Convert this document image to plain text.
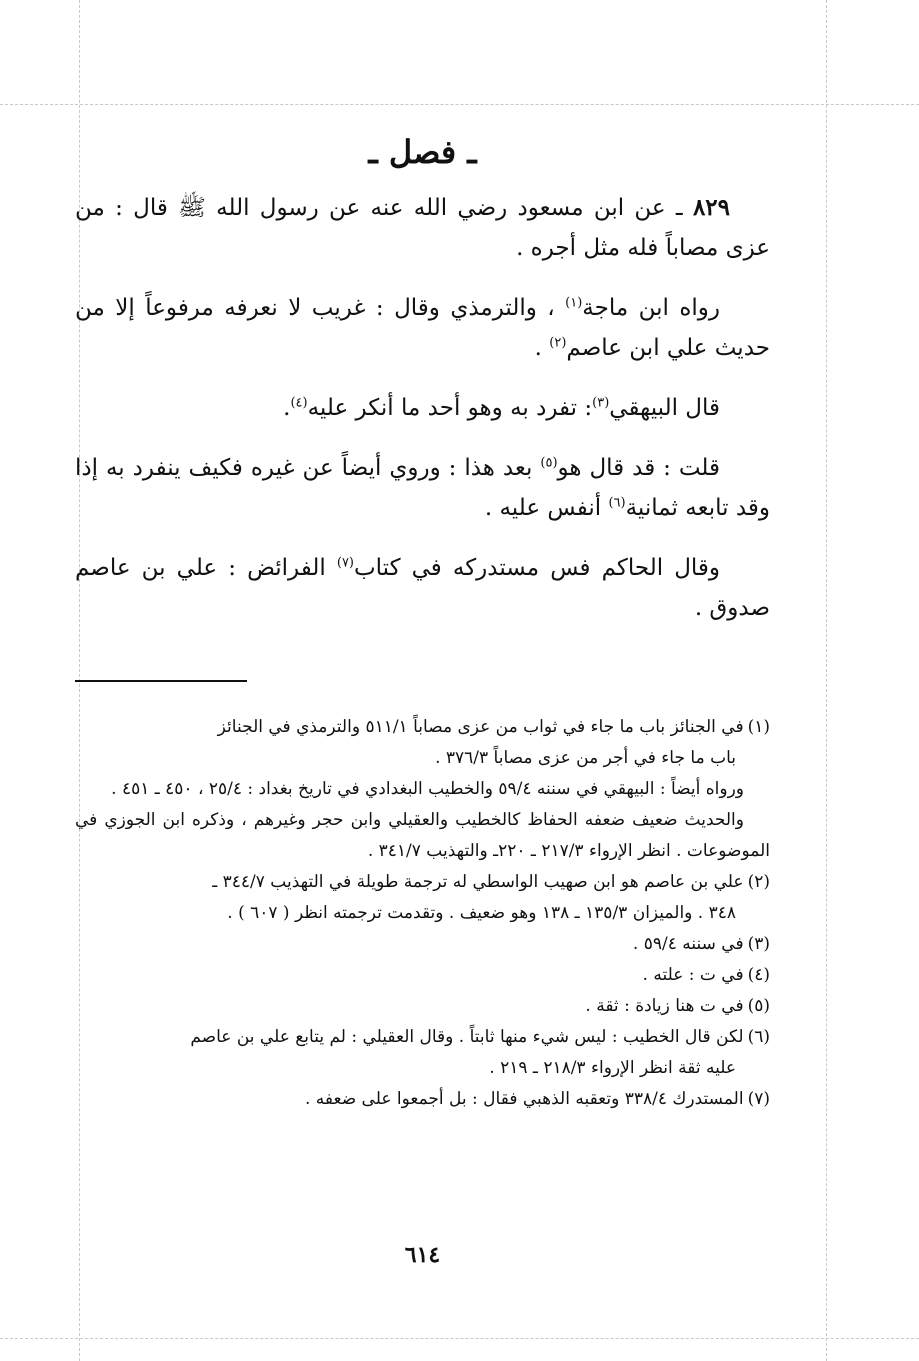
ـ فصل ـ

٨٢٩ ـ عن ابن مسعود رضي الله عنه عن رسول الله ﷺ قال : من عزى مصاباً فله مثل أجره .

رواه ابن ماجة$^{(١)}$ ، والترمذي وقال : غريب لا نعرفه مرفوعاً إلا من حديث علي ابن عاصم$^{(٢)}$ .

قال البيهقي$^{(٣)}$: تفرد به وهو أحد ما أنكر عليه$^{(٤)}$.

قلت : قد قال هو$^{(٥)}$ بعد هذا : وروي أيضاً عن غيره فكيف ينفرد به إذا وقد تابعه ثمانية$^{(٦)}$ أنفس عليه .

وقال الحاكم فس مستدركه في كتاب$^{(٧)}$ الفرائض : علي بن عاصم صدوق .

(١)في الجنائز باب ما جاء في ثواب من عزى مصاباً ٥١١/١ والترمذي في الجنائز
باب ما جاء في أجر من عزى مصاباً ٣٧٦/٣ .

ورواه أيضاً : البيهقي في سننه ٥٩/٤ والخطيب البغدادي في تاريخ بغداد : ٢٥/٤ ، ٤٥٠ ـ ٤٥١ .

والحديث ضعيف ضعفه الحفاظ كالخطيب والعقيلي وابن حجر وغيرهم ، وذكره ابن الجوزي في الموضوعات . انظر الإرواء ٢١٧/٣ ـ ٢٢٠ـ والتهذيب ٣٤١/٧ .

(٢)علي بن عاصم هو ابن صهيب الواسطي له ترجمة طويلة في التهذيب ٣٤٤/٧ ـ
٣٤٨ . والميزان ١٣٥/٣ ـ ١٣٨ وهو ضعيف . وتقدمت ترجمته انظر ( ٦٠٧ ) .

(٣)في سننه ٥٩/٤ .

(٤)في ت : علته .

(٥)في ت هنا زيادة : ثقة .

(٦)لكن قال الخطيب : ليس شيء منها ثابتاً . وقال العقيلي : لم يتابع علي بن عاصم
عليه ثقة انظر الإرواء ٢١٨/٣ ـ ٢١٩ .

(٧)المستدرك ٣٣٨/٤ وتعقبه الذهبي فقال : بل أجمعوا على ضعفه .

٦١٤
